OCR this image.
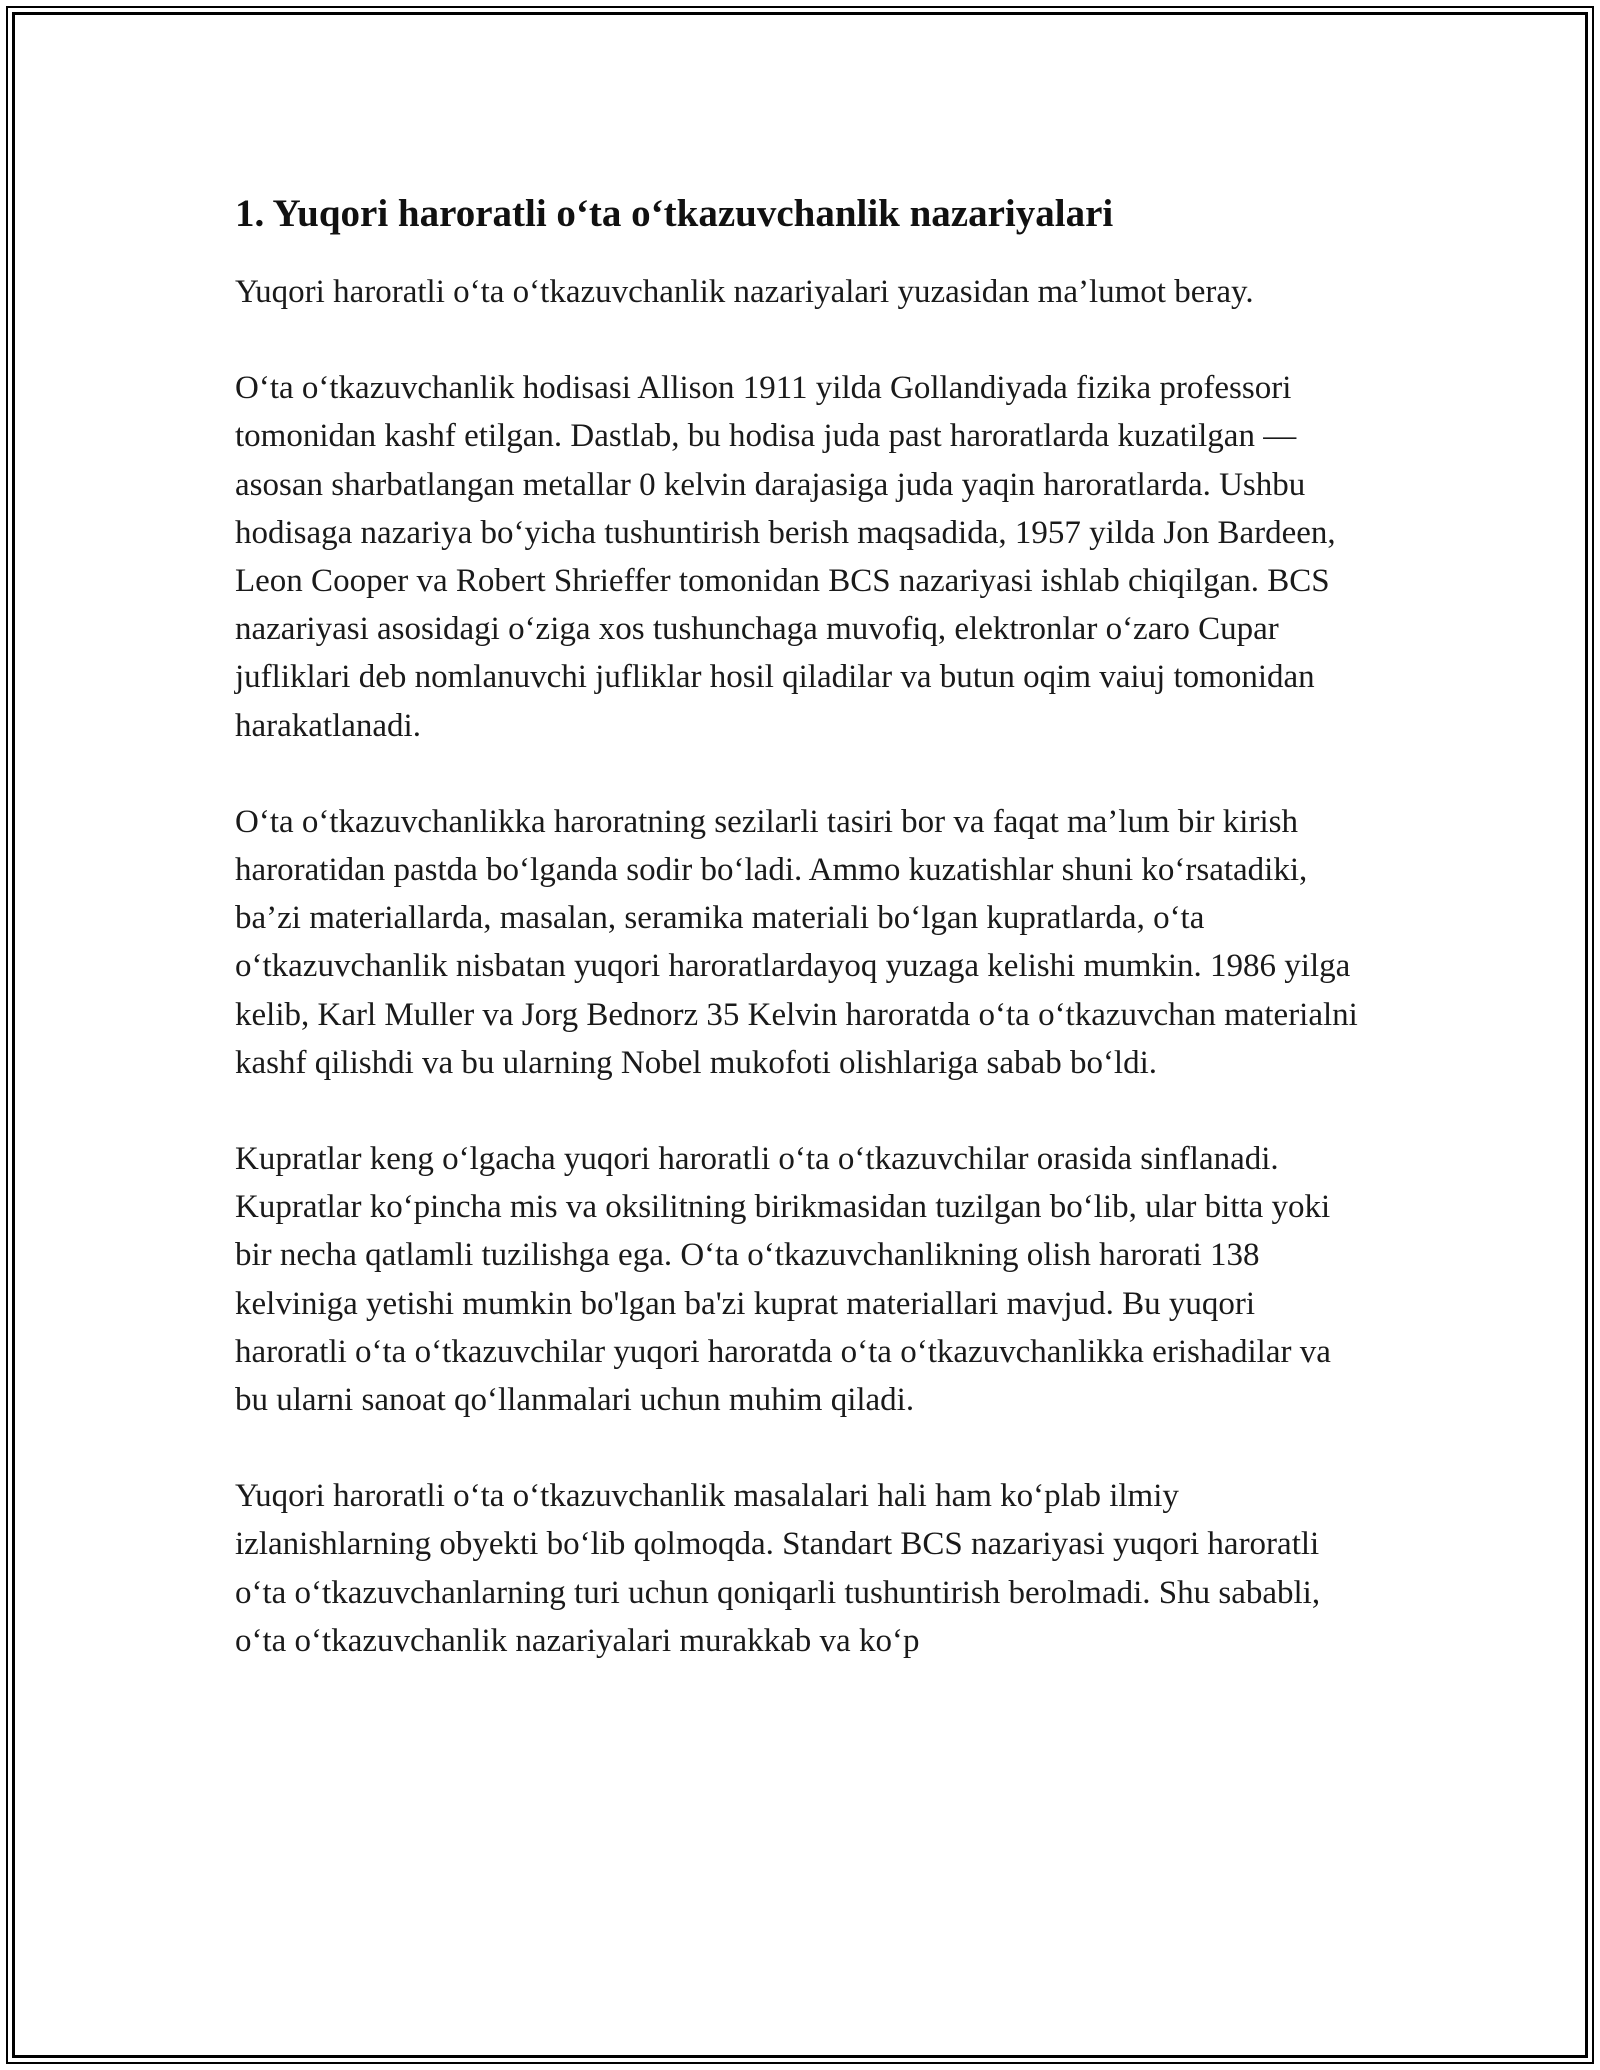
1. Yuqori haroratli o‘ta o‘tkazuvchanlik nazariyalari

Yuqori haroratli o‘ta o‘tkazuvchanlik nazariyalari yuzasidan ma’lumot beray.

O‘ta o‘tkazuvchanlik hodisasi Allison 1911 yilda Gollandiyada fizika professori tomonidan kashf etilgan. Dastlab, bu hodisa juda past haroratlarda kuzatilgan — asosan sharbatlangan metallar 0 kelvin darajasiga juda yaqin haroratlarda. Ushbu hodisaga nazariya bo‘yicha tushuntirish berish maqsadida, 1957 yilda Jon Bardeen, Leon Cooper va Robert Shrieffer tomonidan BCS nazariyasi ishlab chiqilgan. BCS nazariyasi asosidagi o‘ziga xos tushunchaga muvofiq, elektronlar o‘zaro Cupar jufliklari deb nomlanuvchi jufliklar hosil qiladilar va butun oqim vaiuj tomonidan harakatlanadi.

O‘ta o‘tkazuvchanlikka haroratning sezilarli tasiri bor va faqat ma’lum bir kirish haroratidan pastda bo‘lganda sodir bo‘ladi. Ammo kuzatishlar shuni ko‘rsatadiki, ba’zi materiallarda, masalan, seramika materiali bo‘lgan kupratlarda, o‘ta o‘tkazuvchanlik nisbatan yuqori haroratlardayoq yuzaga kelishi mumkin. 1986 yilga kelib, Karl Muller va Jorg Bednorz 35 Kelvin haroratda o‘ta o‘tkazuvchan materialni kashf qilishdi va bu ularning Nobel mukofoti olishlariga sabab bo‘ldi.

Kupratlar keng o‘lgacha yuqori haroratli o‘ta o‘tkazuvchilar orasida sinflanadi. Kupratlar ko‘pincha mis va oksilitning birikmasidan tuzilgan bo‘lib, ular bitta yoki bir necha qatlamli tuzilishga ega. O‘ta o‘tkazuvchanlikning olish harorati 138 kelviniga yetishi mumkin bo'lgan ba'zi kuprat materiallari mavjud. Bu yuqori haroratli o‘ta o‘tkazuvchilar yuqori haroratda o‘ta o‘tkazuvchanlikka erishadilar va bu ularni sanoat qo‘llanmalari uchun muhim qiladi.

Yuqori haroratli o‘ta o‘tkazuvchanlik masalalari hali ham ko‘plab ilmiy izlanishlarning obyekti bo‘lib qolmoqda. Standart BCS nazariyasi yuqori haroratli o‘ta o‘tkazuvchanlarning turi uchun qoniqarli tushuntirish berolmadi. Shu sababli, o‘ta o‘tkazuvchanlik nazariyalari murakkab va ko‘p
